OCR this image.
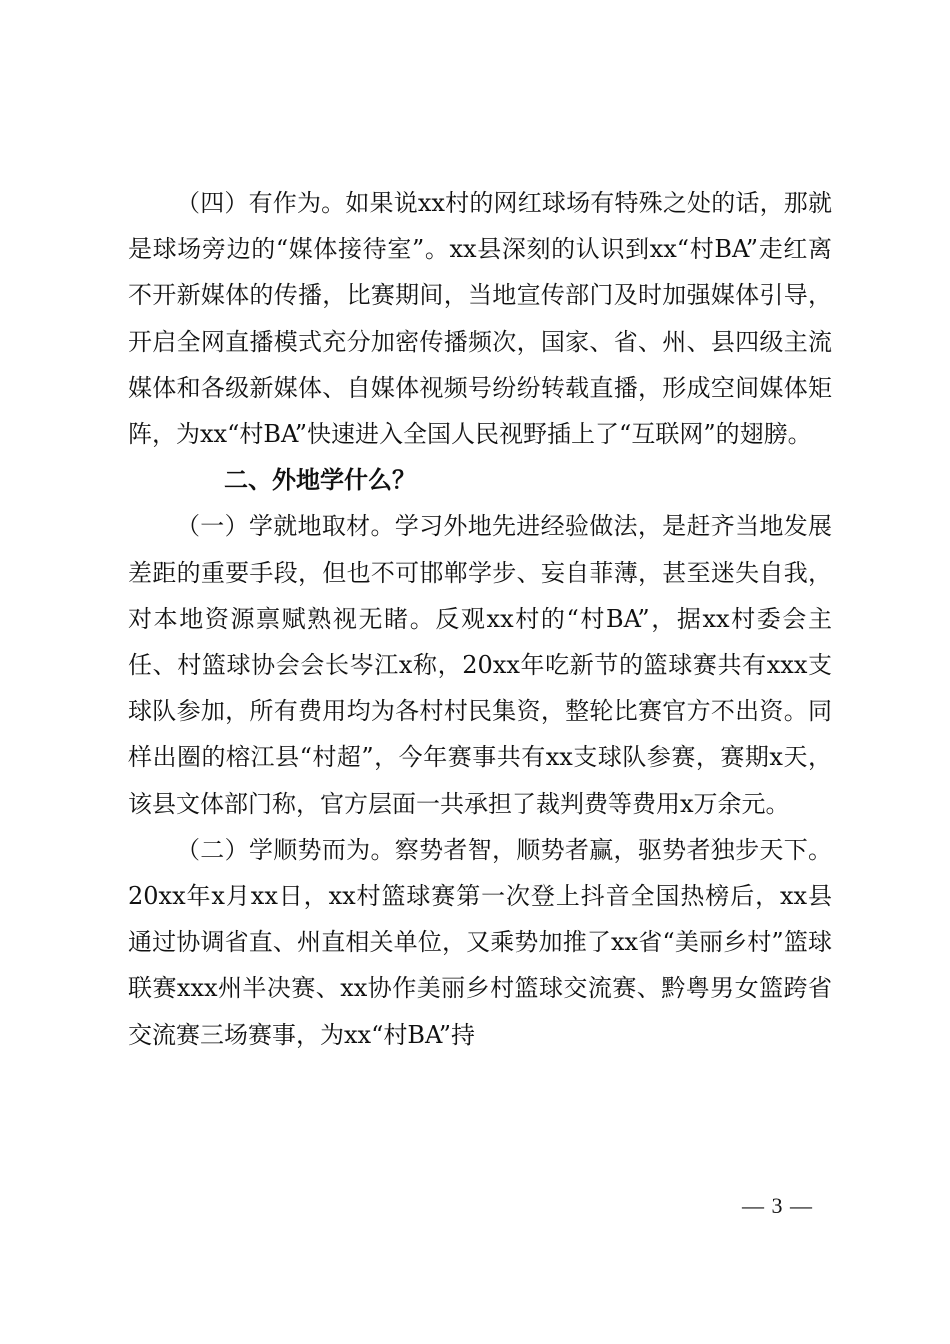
（四）有作为。如果说xx村的网红球场有特殊之处的话，那就是球场旁边的“媒体接待室”。xx县深刻的认识到xx“村BA”走红离不开新媒体的传播，比赛期间，当地宣传部门及时加强媒体引导，开启全网直播模式充分加密传播频次，国家、省、州、县四级主流媒体和各级新媒体、自媒体视频号纷纷转载直播，形成空间媒体矩阵，为xx“村BA”快速进入全国人民视野插上了“互联网”的翅膀。

二、外地学什么？

（一）学就地取材。学习外地先进经验做法，是赶齐当地发展差距的重要手段，但也不可邯郸学步、妄自菲薄，甚至迷失自我，对本地资源禀赋熟视无睹。反观xx村的“村BA”，据xx村委会主任、村篮球协会会长岑江x称，20xx年吃新节的篮球赛共有xxx支球队参加，所有费用均为各村村民集资，整轮比赛官方不出资。同样出圈的榕江县“村超”，今年赛事共有xx支球队参赛，赛期x天，该县文体部门称，官方层面一共承担了裁判费等费用x万余元。

（二）学顺势而为。察势者智，顺势者赢，驱势者独步天下。20xx年x月xx日，xx村篮球赛第一次登上抖音全国热榜后，xx县通过协调省直、州直相关单位，又乘势加推了xx省“美丽乡村”篮球联赛xxx州半决赛、xx协作美丽乡村篮球交流赛、黔粤男女篮跨省交流赛三场赛事，为xx“村BA”持

— 3 —
